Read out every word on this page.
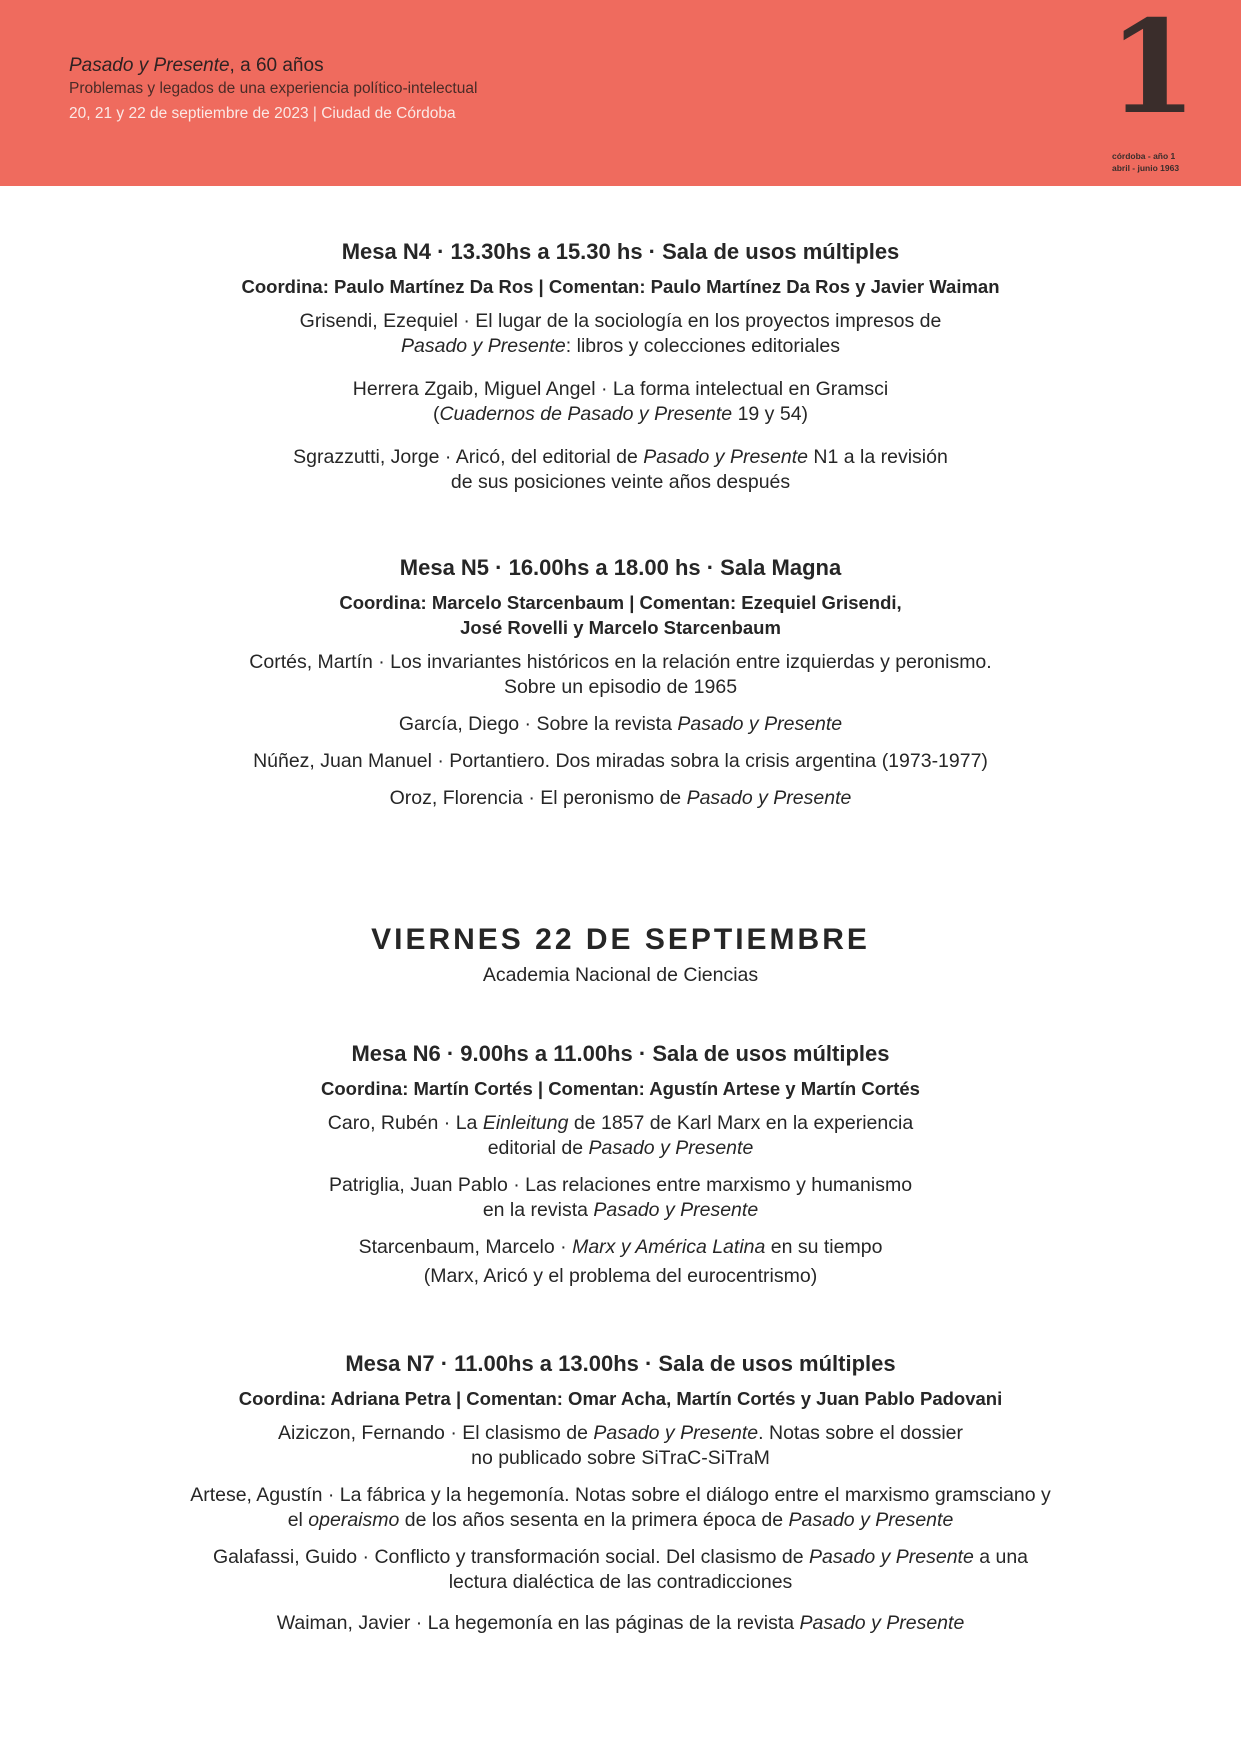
Pasado y Presente, a 60 años
Problemas y legados de una experiencia político-intelectual
20, 21 y 22 de septiembre de 2023 | Ciudad de Córdoba	1
córdoba - año 1
abril - junio 1963
Mesa N4 · 13.30hs a 15.30 hs · Sala de usos múltiples
Coordina: Paulo Martínez Da Ros | Comentan: Paulo Martínez Da Ros y Javier Waiman
Grisendi, Ezequiel · El lugar de la sociología en los proyectos impresos de
Pasado y Presente: libros y colecciones editoriales
Herrera Zgaib, Miguel Angel · La forma intelectual en Gramsci
(Cuadernos de Pasado y Presente 19 y 54)
Sgrazzutti, Jorge · Aricó, del editorial de Pasado y Presente N1 a la revisión
de sus posiciones veinte años después
Mesa N5 · 16.00hs a 18.00 hs · Sala Magna
Coordina: Marcelo Starcenbaum | Comentan: Ezequiel Grisendi,
José Rovelli y Marcelo Starcenbaum
Cortés, Martín · Los invariantes históricos en la relación entre izquierdas y peronismo.
Sobre un episodio de 1965
García, Diego · Sobre la revista Pasado y Presente
Núñez, Juan Manuel · Portantiero. Dos miradas sobra la crisis argentina (1973-1977)
Oroz, Florencia · El peronismo de Pasado y Presente
VIERNES 22 DE SEPTIEMBRE
Academia Nacional de Ciencias
Mesa N6 · 9.00hs a 11.00hs · Sala de usos múltiples
Coordina: Martín Cortés | Comentan: Agustín Artese y Martín Cortés
Caro, Rubén · La Einleitung de 1857 de Karl Marx en la experiencia
editorial de Pasado y Presente
Patriglia, Juan Pablo · Las relaciones entre marxismo y humanismo
en la revista Pasado y Presente
Starcenbaum, Marcelo · Marx y América Latina en su tiempo
(Marx, Aricó y el problema del eurocentrismo)
Mesa N7 · 11.00hs a 13.00hs · Sala de usos múltiples
Coordina: Adriana Petra | Comentan: Omar Acha, Martín Cortés y Juan Pablo Padovani
Aiziczon, Fernando · El clasismo de Pasado y Presente. Notas sobre el dossier
no publicado sobre SiTraC-SiTraM
Artese, Agustín · La fábrica y la hegemonía. Notas sobre el diálogo entre el marxismo gramsciano y
el operaismo de los años sesenta en la primera época de Pasado y Presente
Galafassi, Guido · Conflicto y transformación social. Del clasismo de Pasado y Presente a una
lectura dialéctica de las contradicciones
Waiman, Javier · La hegemonía en las páginas de la revista Pasado y Presente
